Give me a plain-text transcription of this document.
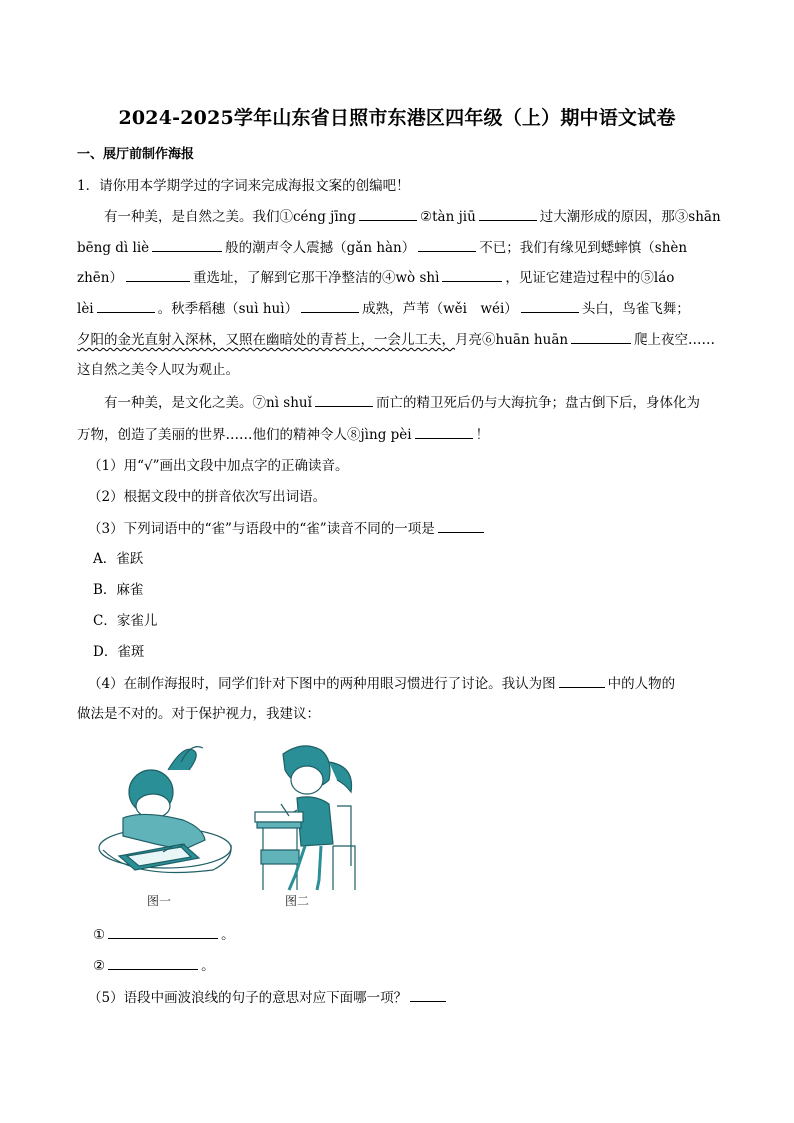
2024-2025学年山东省日照市东港区四年级（上）期中语文试卷
一、展厅前制作海报
1．请你用本学期学过的字词来完成海报文案的创编吧！
有一种美，是自然之美。我们①céng jīng	②tàn jiū	过大潮形成的原因，那③shān
bēng dì liè	般的潮声令人震撼（gǎn hàn）	不已；我们有缘见到蟋蟀慎（shèn
zhēn）	重选址，了解到它那干净整洁的④wò shì	，见证它建造过程中的⑤láo
lèi	。秋季稻穗（suì huì）	成熟，芦苇（wěi　wéi）	头白，鸟雀飞舞；
夕阳的金光直射入深林，又照在幽暗处的青苔上，一会儿工夫，月亮⑥huān huān	爬上夜空……
这自然之美令人叹为观止。
有一种美，是文化之美。⑦nì shuǐ	而亡的精卫死后仍与大海抗争；盘古倒下后，身体化为
万物，创造了美丽的世界……他们的精神令人⑧jìng pèi	！
（1）用“√”画出文段中加点字的正确读音。
（2）根据文段中的拼音依次写出词语。
（3）下列词语中的“雀”与语段中的“雀”读音不同的一项是
A．雀跃
B．麻雀
C．家雀儿
D．雀斑
（4）在制作海报时，同学们针对下图中的两种用眼习惯进行了讨论。我认为图	中的人物的
做法是不对的。对于保护视力，我建议：
图一	图二
①	。
②	。
（5）语段中画波浪线的句子的意思对应下面哪一项？
